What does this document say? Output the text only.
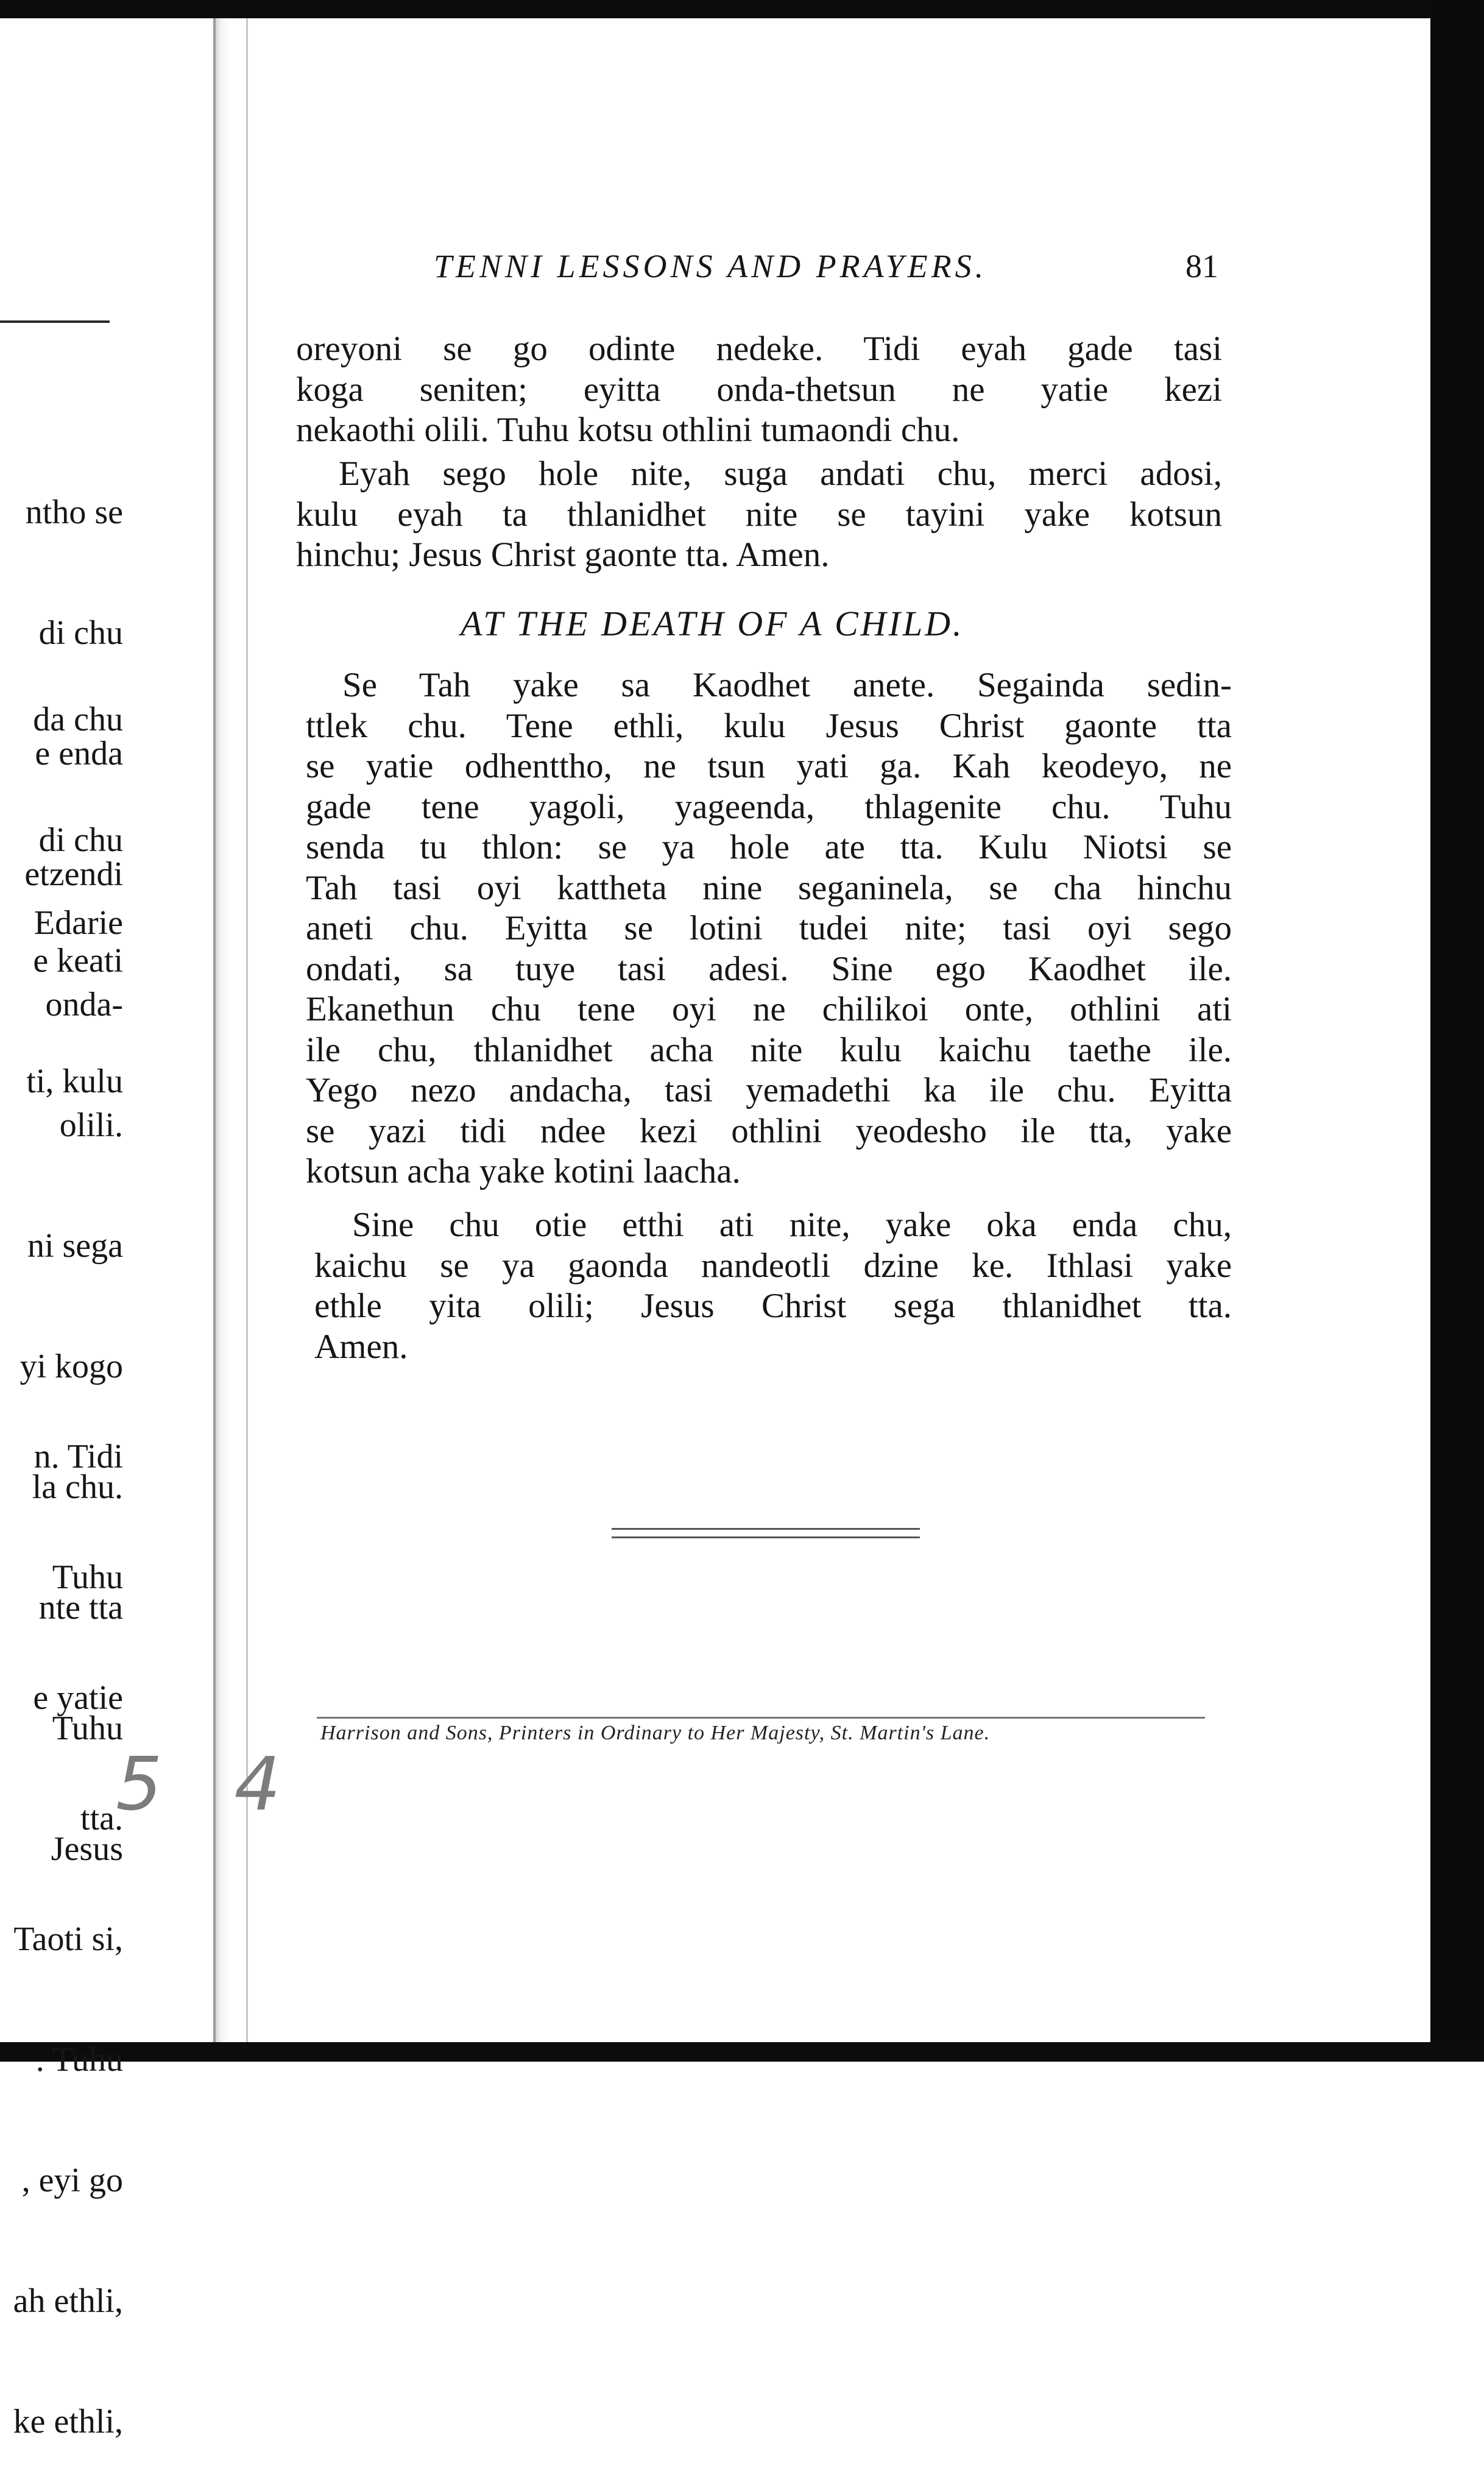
ntho se

di chu

e enda

etzendi

da chu

di chu

e keati

ti, kulu

Edarie

onda-

olili.

ni sega

yi kogo

la chu.

nte tta

Tuhu

Jesus

n. Tidi

Tuhu

e yatie

tta.

Taoti si,

. Tuhu

, eyi go

ah ethli,

ke ethli,

5 4
TENNI LESSONS AND PRAYERS.	81
oreyoni se go odinte nedeke. Tidi eyah gade tasi
koga seniten; eyitta onda-thetsun ne yatie kezi
nekaothi olili. Tuhu kotsu othlini tumaondi chu.
Eyah sego hole nite, suga andati chu, merci adosi,
kulu eyah ta thlanidhet nite se tayini yake kotsun
hinchu; Jesus Christ gaonte tta. Amen.
AT THE DEATH OF A CHILD.
Se Tah yake sa Kaodhet anete. Segainda sedin-
ttlek chu. Tene ethli, kulu Jesus Christ gaonte tta
se yatie odhenttho, ne tsun yati ga. Kah keodeyo, ne
gade tene yagoli, yageenda, thlagenite chu. Tuhu
senda tu thlon: se ya hole ate tta. Kulu Niotsi se
Tah tasi oyi kattheta nine seganinela, se cha hinchu
aneti chu. Eyitta se lotini tudei nite; tasi oyi sego
ondati, sa tuye tasi adesi. Sine ego Kaodhet ile.
Ekanethun chu tene oyi ne chilikoi onte, othlini ati
ile chu, thlanidhet acha nite kulu kaichu taethe ile.
Yego nezo andacha, tasi yemadethi ka ile chu. Eyitta
se yazi tidi ndee kezi othlini yeodesho ile tta, yake
kotsun acha yake kotini laacha.
Sine chu otie etthi ati nite, yake oka enda chu,
kaichu se ya gaonda nandeotli dzine ke. Ithlasi yake
ethle yita olili; Jesus Christ sega thlanidhet tta.
Amen.
Harrison and Sons, Printers in Ordinary to Her Majesty, St. Martin's Lane.
